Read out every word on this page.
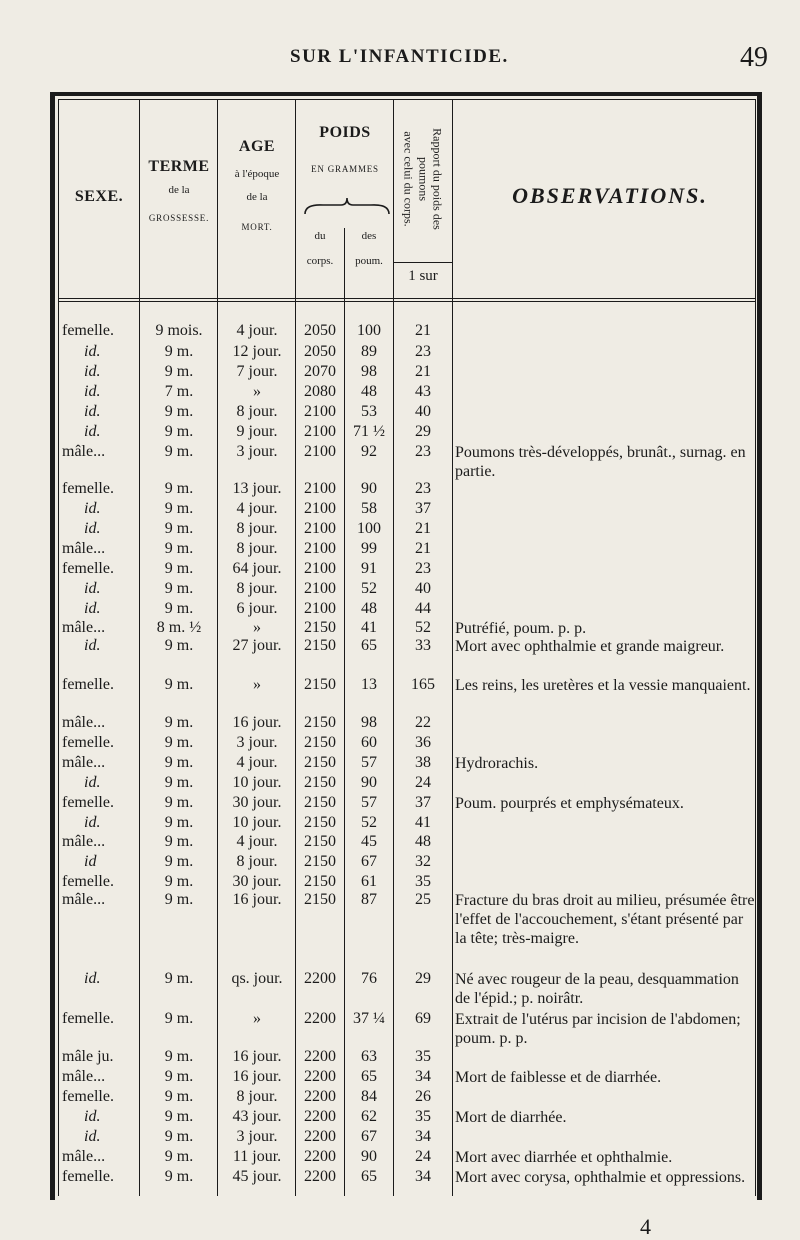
SUR L'INFANTICIDE.	49
SEXE.
TERME
de la
GROSSESSE.
AGE
à l'époque
de la
MORT.
POIDS
EN GRAMMES
du
corps.
des
poum.
Rapport du poids des
poumons
avec celui du corps.
1 sur
OBSERVATIONS.
femelle.	9 mois.	4 jour.	2050	100	21
id.	9 m.	12 jour.	2050	89	23
id.	9 m.	7 jour.	2070	98	21
id.	7 m.	»	2080	48	43
id.	9 m.	8 jour.	2100	53	40
id.	9 m.	9 jour.	2100	71 ½	29
mâle...	9 m.	3 jour.	2100	92	23	Poumons très-développés, brunât., surnag. en partie.
femelle.	9 m.	13 jour.	2100	90	23
id.	9 m.	4 jour.	2100	58	37
id.	9 m.	8 jour.	2100	100	21
mâle...	9 m.	8 jour.	2100	99	21
femelle.	9 m.	64 jour.	2100	91	23
id.	9 m.	8 jour.	2100	52	40
id.	9 m.	6 jour.	2100	48	44
mâle...	8 m. ½	»	2150	41	52	Putréfié, poum. p. p.
id.	9 m.	27 jour.	2150	65	33	Mort avec ophthalmie et grande maigreur.
femelle.	9 m.	»	2150	13	165	Les reins, les uretères et la vessie manquaient.
mâle...	9 m.	16 jour.	2150	98	22
femelle.	9 m.	3 jour.	2150	60	36
mâle...	9 m.	4 jour.	2150	57	38	Hydrorachis.
id.	9 m.	10 jour.	2150	90	24
femelle.	9 m.	30 jour.	2150	57	37	Poum. pourprés et emphysémateux.
id.	9 m.	10 jour.	2150	52	41
mâle...	9 m.	4 jour.	2150	45	48
id	9 m.	8 jour.	2150	67	32
femelle.	9 m.	30 jour.	2150	61	35
mâle...	9 m.	16 jour.	2150	87	25	Fracture du bras droit au milieu, présumée être l'effet de l'accouchement, s'étant présenté par la tête; très-maigre.
id.	9 m.	qs. jour.	2200	76	29	Né avec rougeur de la peau, desquammation de l'épid.; p. noirâtr.
femelle.	9 m.	»	2200	37 ¼	69	Extrait de l'utérus par incision de l'abdomen; poum. p. p.
mâle ju.	9 m.	16 jour.	2200	63	35
mâle...	9 m.	16 jour.	2200	65	34	Mort de faiblesse et de diarrhée.
femelle.	9 m.	8 jour.	2200	84	26
id.	9 m.	43 jour.	2200	62	35	Mort de diarrhée.
id.	9 m.	3 jour.	2200	67	34
mâle...	9 m.	11 jour.	2200	90	24	Mort avec diarrhée et ophthalmie.
femelle.	9 m.	45 jour.	2200	65	34	Mort avec corysa, ophthalmie et oppressions.
4
